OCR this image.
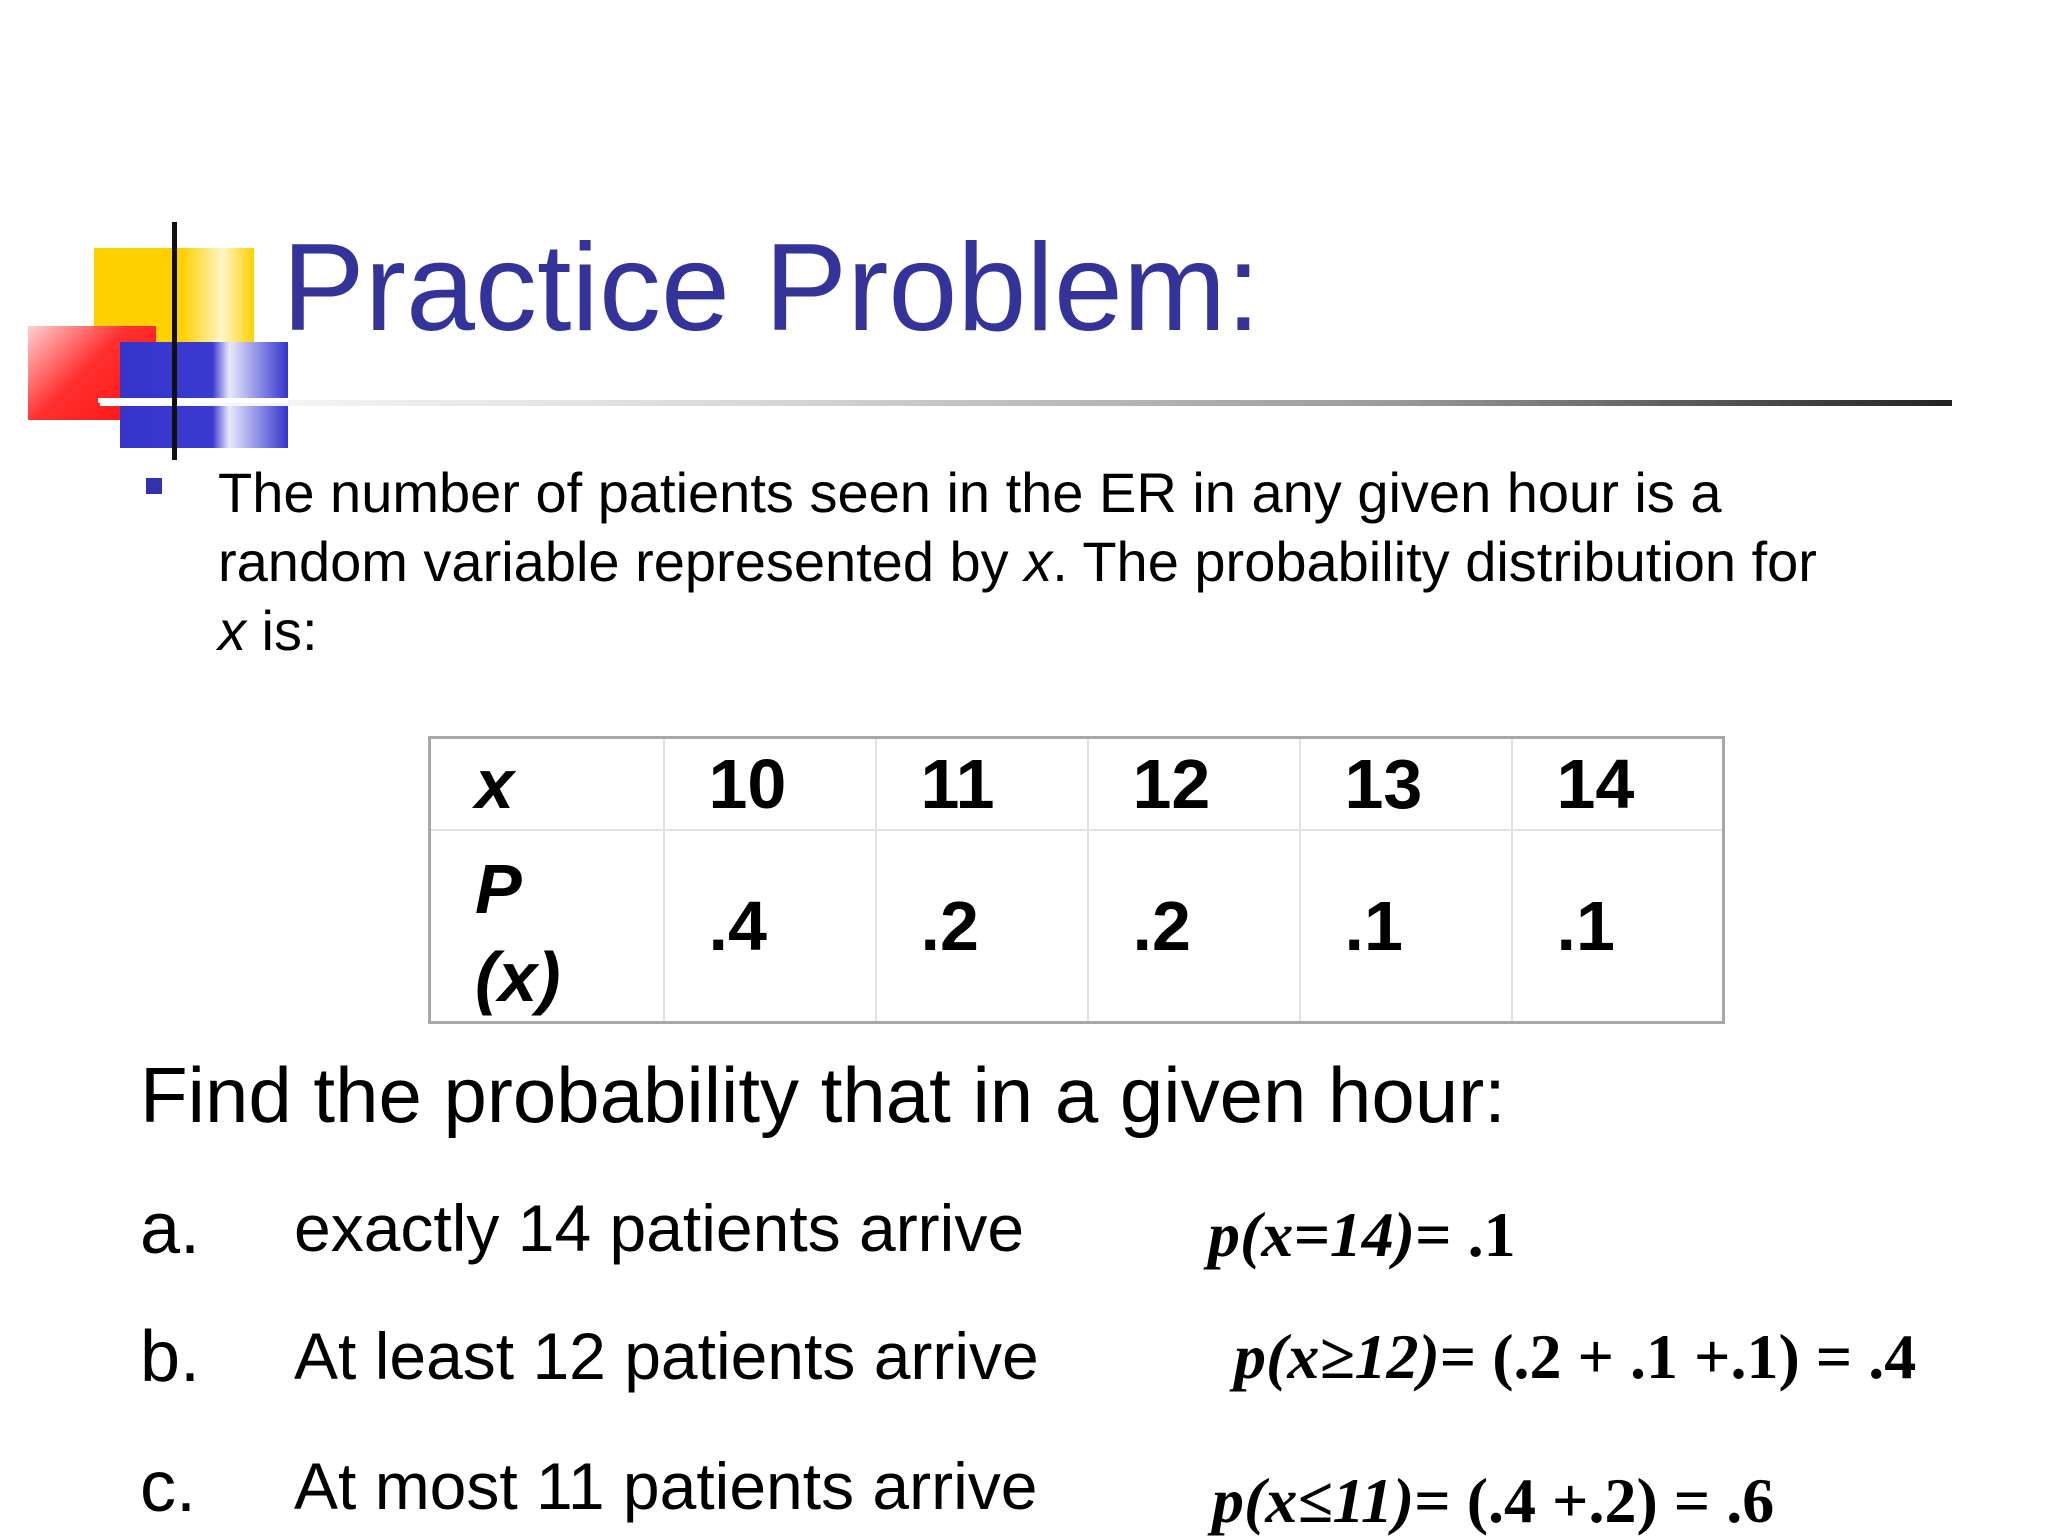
Practice Problem:
The number of patients seen in the ER in any given hour is a random variable represented by x. The probability distribution for x is:
x	10	11	12	13	14
P(x)	.4	.2	.2	.1	.1
Find the probability that in a given hour:
a. exactly 14 patients arrive	p(x=14)= .1
b. At least 12 patients arrive	p(x≥12)= (.2 + .1 +.1) = .4
c. At most 11 patients arrive	p(x≤11)= (.4 +.2) = .6
